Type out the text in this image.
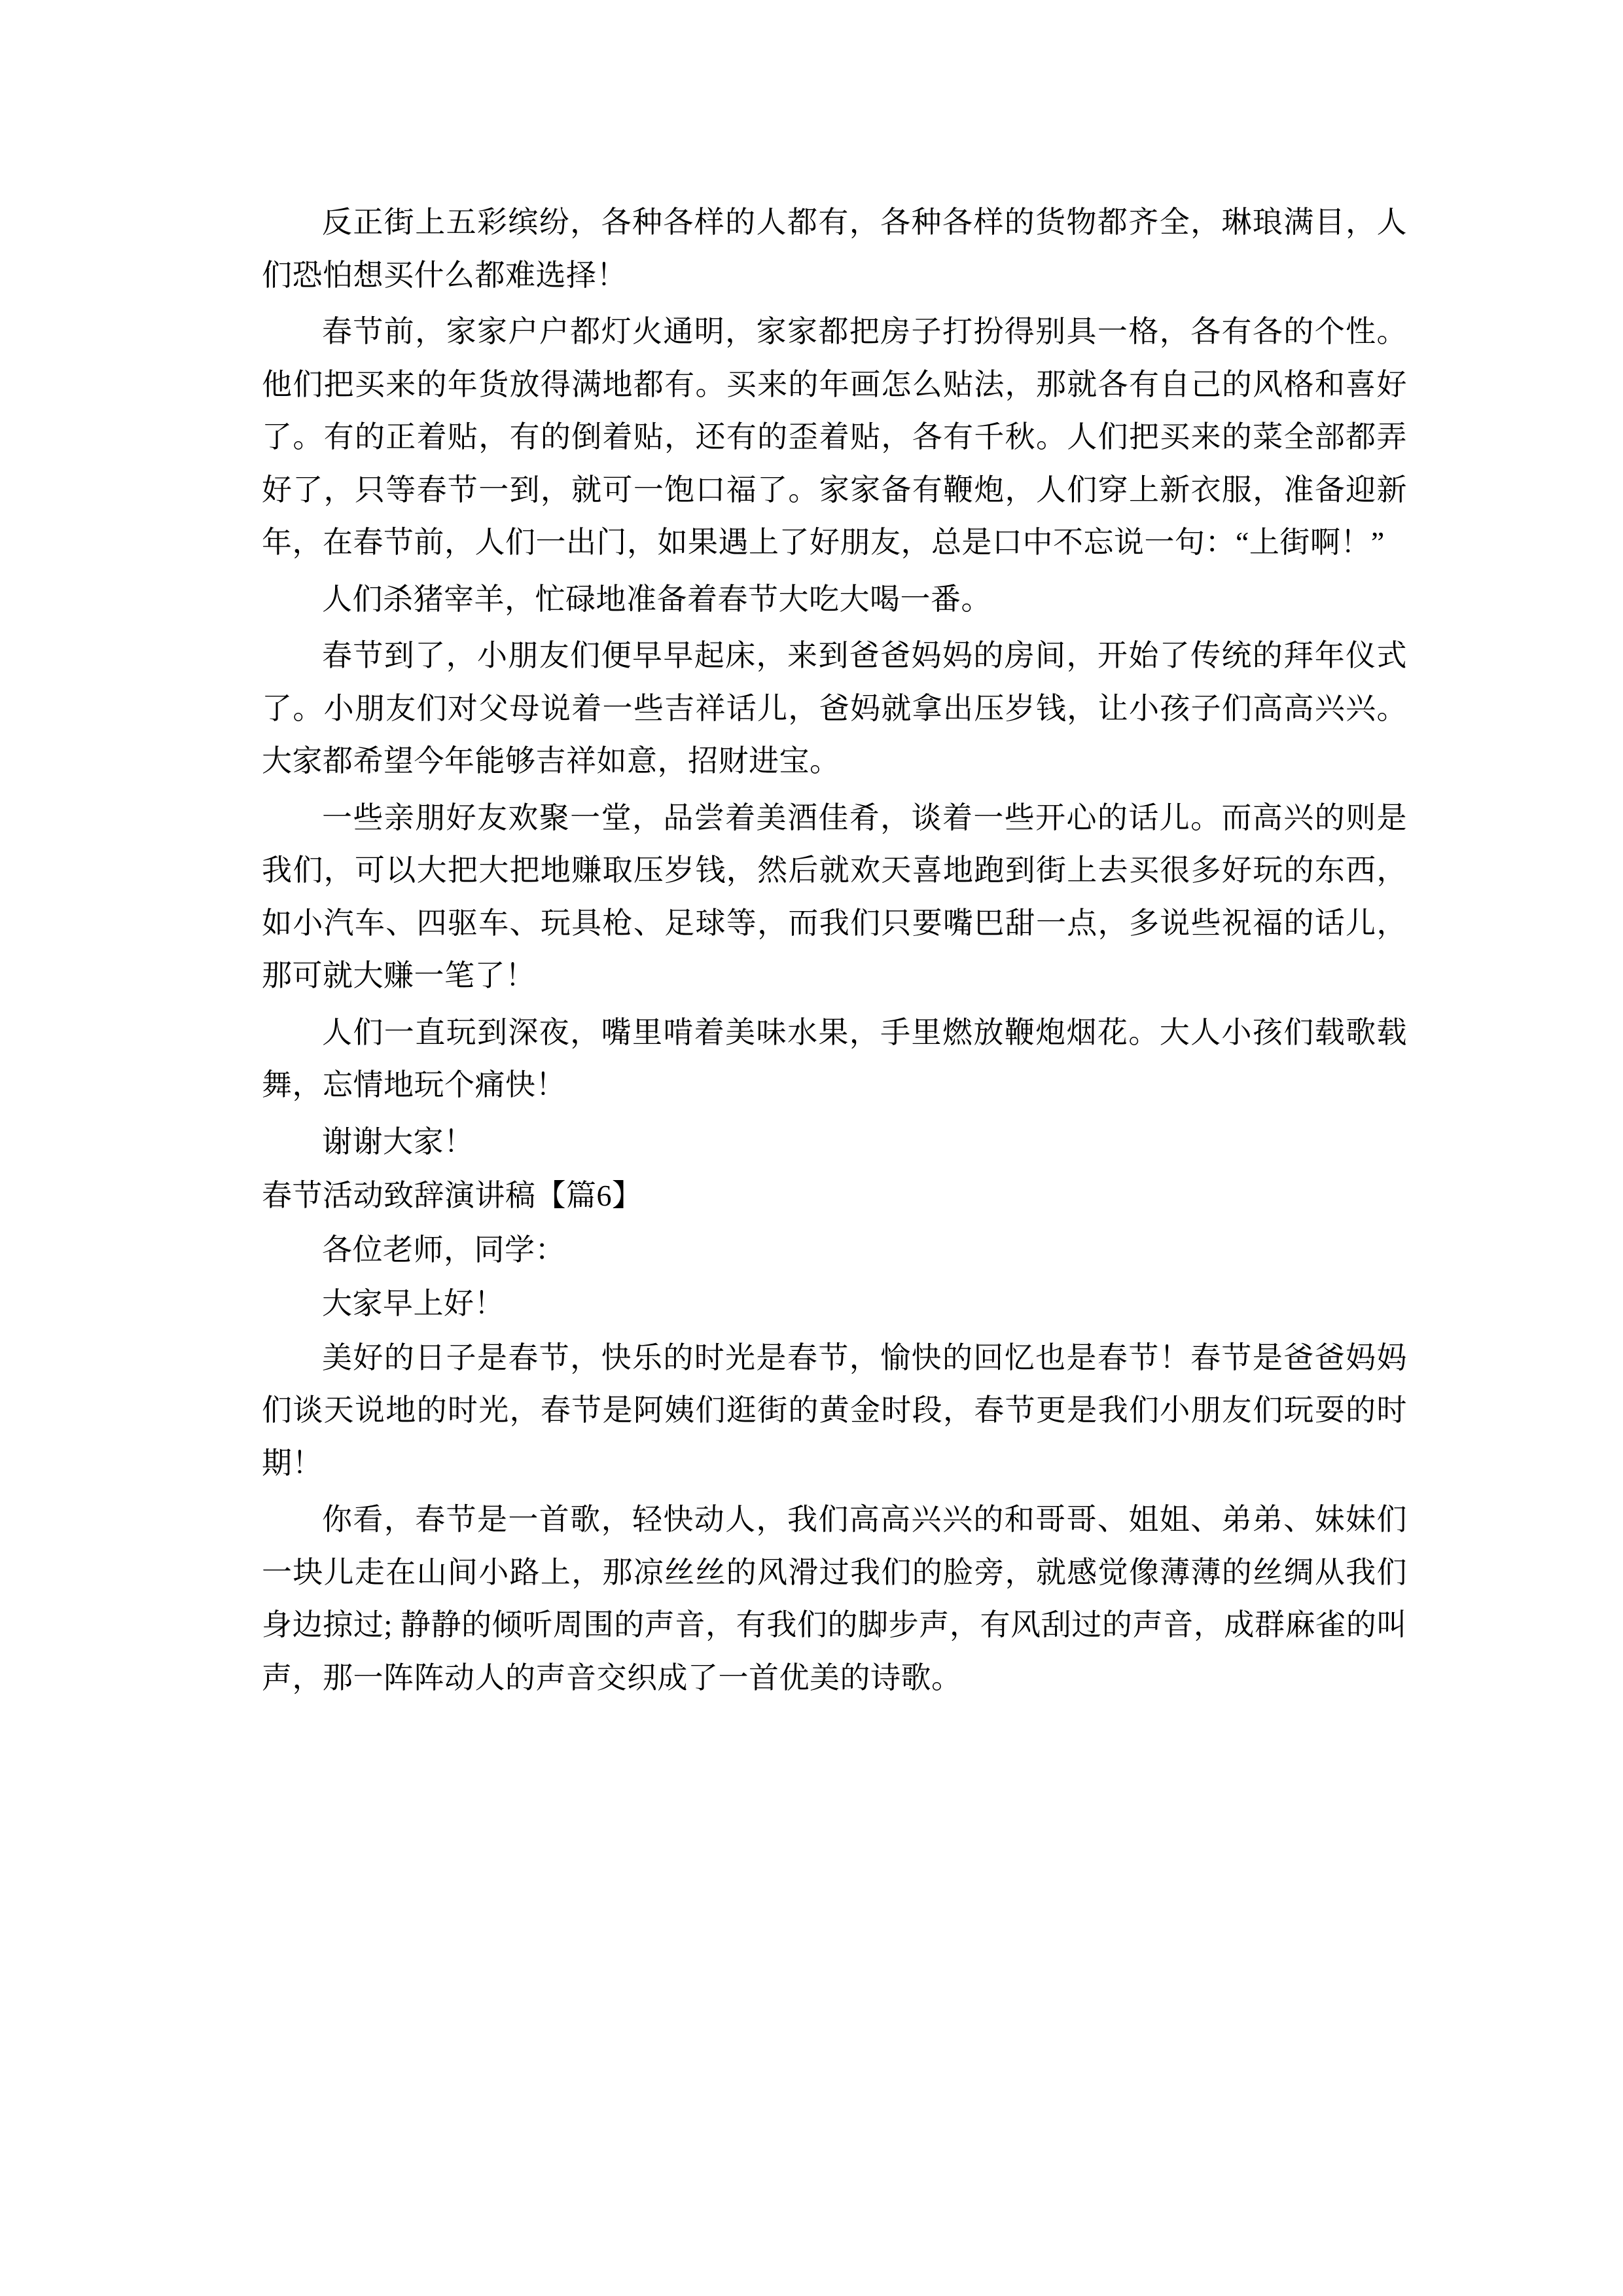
反正街上五彩缤纷，各种各样的人都有，各种各样的货物都齐全，琳琅满目，人们恐怕想买什么都难选择！

春节前，家家户户都灯火通明，家家都把房子打扮得别具一格，各有各的个性。他们把买来的年货放得满地都有。买来的年画怎么贴法，那就各有自己的风格和喜好了。有的正着贴，有的倒着贴，还有的歪着贴，各有千秋。人们把买来的菜全部都弄好了，只等春节一到，就可一饱口福了。家家备有鞭炮，人们穿上新衣服，准备迎新年，在春节前，人们一出门，如果遇上了好朋友，总是口中不忘说一句：“上街啊！”

人们杀猪宰羊，忙碌地准备着春节大吃大喝一番。

春节到了，小朋友们便早早起床，来到爸爸妈妈的房间，开始了传统的拜年仪式了。小朋友们对父母说着一些吉祥话儿，爸妈就拿出压岁钱，让小孩子们高高兴兴。大家都希望今年能够吉祥如意，招财进宝。

一些亲朋好友欢聚一堂，品尝着美酒佳肴，谈着一些开心的话儿。而高兴的则是我们，可以大把大把地赚取压岁钱，然后就欢天喜地跑到街上去买很多好玩的东西，如小汽车、四驱车、玩具枪、足球等，而我们只要嘴巴甜一点，多说些祝福的话儿，那可就大赚一笔了！

人们一直玩到深夜，嘴里啃着美味水果，手里燃放鞭炮烟花。大人小孩们载歌载舞，忘情地玩个痛快！

谢谢大家！

春节活动致辞演讲稿【篇6】

各位老师，同学：

大家早上好！

美好的日子是春节，快乐的时光是春节，愉快的回忆也是春节！春节是爸爸妈妈们谈天说地的时光，春节是阿姨们逛街的黄金时段，春节更是我们小朋友们玩耍的时期！

你看，春节是一首歌，轻快动人，我们高高兴兴的和哥哥、姐姐、弟弟、妹妹们一块儿走在山间小路上，那凉丝丝的风滑过我们的脸旁，就感觉像薄薄的丝绸从我们身边掠过; 静静的倾听周围的声音，有我们的脚步声，有风刮过的声音，成群麻雀的叫声，那一阵阵动人的声音交织成了一首优美的诗歌。
